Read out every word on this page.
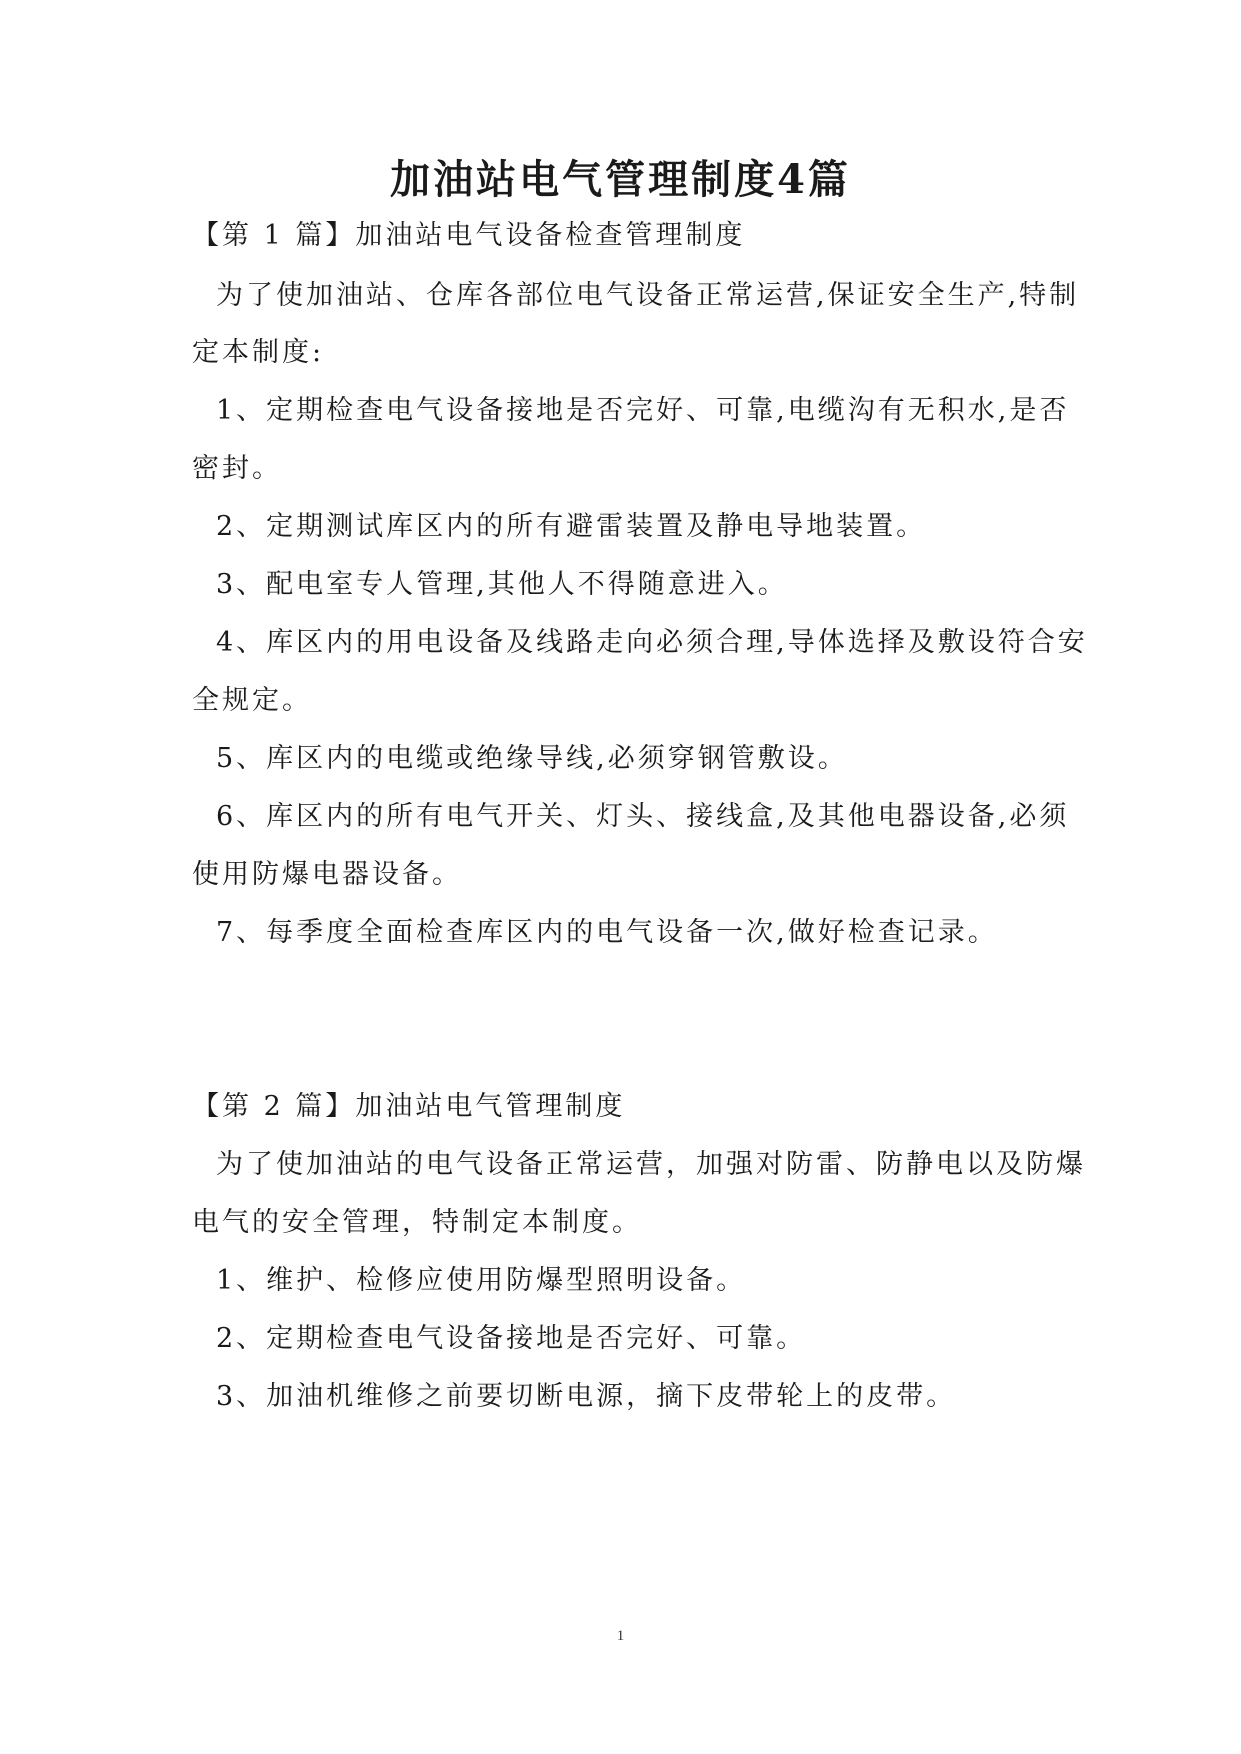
加油站电气管理制度4篇
【第 1 篇】加油站电气设备检查管理制度
为了使加油站、仓库各部位电气设备正常运营,保证安全生产,特制
定本制度:
1、定期检查电气设备接地是否完好、可靠,电缆沟有无积水,是否
密封。
2、定期测试库区内的所有避雷装置及静电导地装置。
3、配电室专人管理,其他人不得随意进入。
4、库区内的用电设备及线路走向必须合理,导体选择及敷设符合安
全规定。
5、库区内的电缆或绝缘导线,必须穿钢管敷设。
6、库区内的所有电气开关、灯头、接线盒,及其他电器设备,必须
使用防爆电器设备。
7、每季度全面检查库区内的电气设备一次,做好检查记录。
【第 2 篇】加油站电气管理制度
为了使加油站的电气设备正常运营，加强对防雷、防静电以及防爆
电气的安全管理，特制定本制度。
1、维护、检修应使用防爆型照明设备。
2、定期检查电气设备接地是否完好、可靠。
3、加油机维修之前要切断电源，摘下皮带轮上的皮带。
1
